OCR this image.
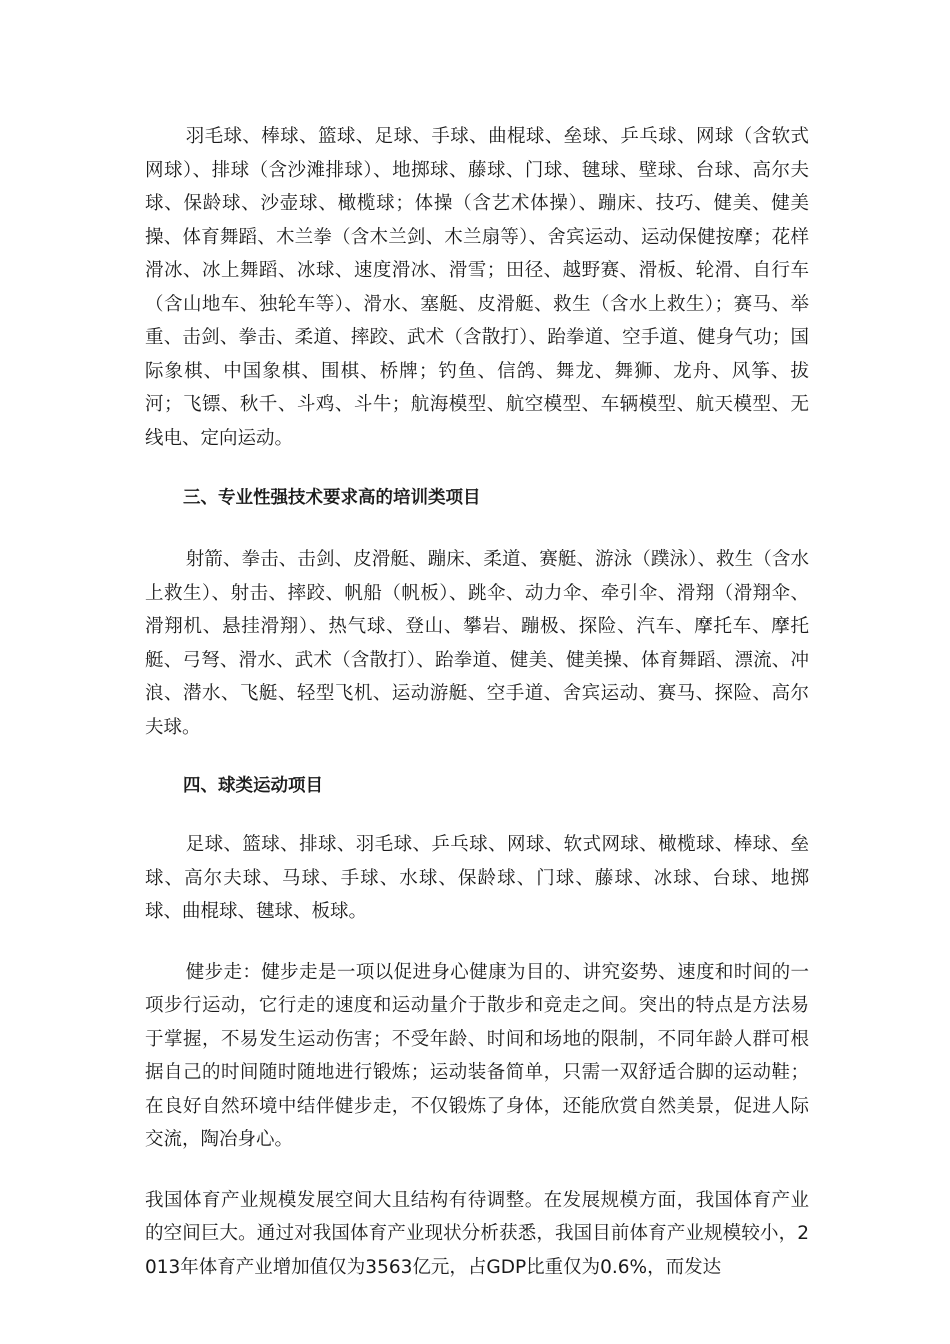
羽毛球、棒球、篮球、足球、手球、曲棍球、垒球、乒乓球、网球（含软式网球）、排球（含沙滩排球）、地掷球、藤球、门球、毽球、壁球、台球、高尔夫球、保龄球、沙壶球、橄榄球；体操（含艺术体操）、蹦床、技巧、健美、健美操、体育舞蹈、木兰拳（含木兰剑、木兰扇等）、舍宾运动、运动保健按摩；花样滑冰、冰上舞蹈、冰球、速度滑冰、滑雪；田径、越野赛、滑板、轮滑、自行车（含山地车、独轮车等）、滑水、塞艇、皮滑艇、救生（含水上救生）；赛马、举重、击剑、拳击、柔道、摔跤、武术（含散打）、跆拳道、空手道、健身气功；国际象棋、中国象棋、围棋、桥牌；钓鱼、信鸽、舞龙、舞狮、龙舟、风筝、拔河；飞镖、秋千、斗鸡、斗牛；航海模型、航空模型、车辆模型、航天模型、无线电、定向运动。

三、专业性强技术要求高的培训类项目

射箭、拳击、击剑、皮滑艇、蹦床、柔道、赛艇、游泳（蹼泳）、救生（含水上救生）、射击、摔跤、帆船（帆板）、跳伞、动力伞、牵引伞、滑翔（滑翔伞、滑翔机、悬挂滑翔）、热气球、登山、攀岩、蹦极、探险、汽车、摩托车、摩托艇、弓弩、滑水、武术（含散打）、跆拳道、健美、健美操、体育舞蹈、漂流、冲浪、潜水、飞艇、轻型飞机、运动游艇、空手道、舍宾运动、赛马、探险、高尔夫球。

四、球类运动项目

足球、篮球、排球、羽毛球、乒乓球、网球、软式网球、橄榄球、棒球、垒球、高尔夫球、马球、手球、水球、保龄球、门球、藤球、冰球、台球、地掷球、曲棍球、毽球、板球。

健步走：健步走是一项以促进身心健康为目的、讲究姿势、速度和时间的一项步行运动，它行走的速度和运动量介于散步和竞走之间。突出的特点是方法易于掌握，不易发生运动伤害；不受年龄、时间和场地的限制，不同年龄人群可根据自己的时间随时随地进行锻炼；运动装备简单，只需一双舒适合脚的运动鞋；在良好自然环境中结伴健步走，不仅锻炼了身体，还能欣赏自然美景，促进人际交流，陶冶身心。

我国体育产业规模发展空间大且结构有待调整。在发展规模方面，我国体育产业的空间巨大。通过对我国体育产业现状分析获悉，我国目前体育产业规模较小，2013年体育产业增加值仅为3563亿元，占GDP比重仅为0.6%，而发达
